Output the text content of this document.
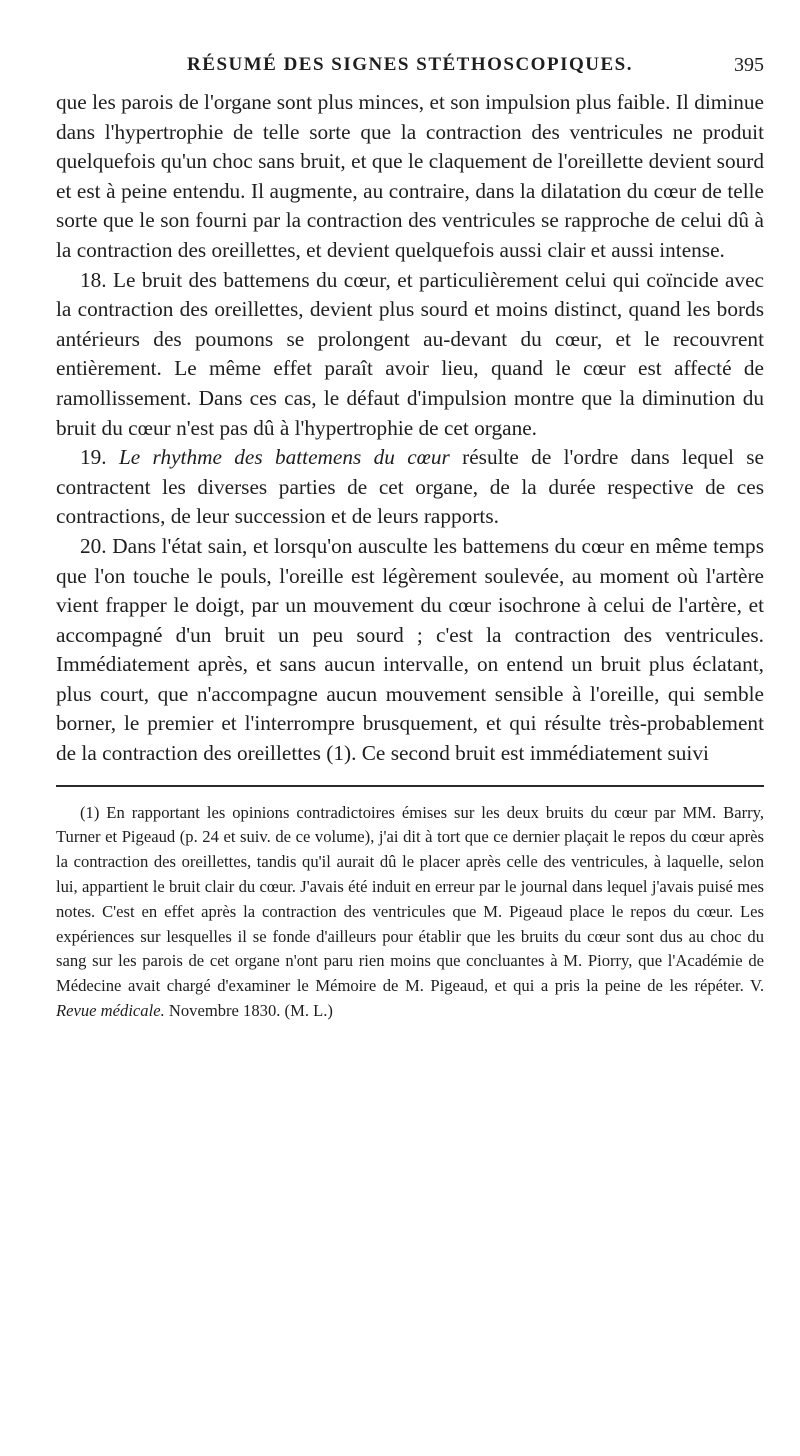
RÉSUMÉ DES SIGNES STÉTHOSCOPIQUES.	395

que les parois de l'organe sont plus minces, et son impulsion plus faible. Il diminue dans l'hypertrophie de telle sorte que la contraction des ventricules ne produit quelquefois qu'un choc sans bruit, et que le claquement de l'oreillette devient sourd et est à peine entendu. Il augmente, au contraire, dans la dilatation du cœur de telle sorte que le son fourni par la contraction des ventricules se rapproche de celui dû à la contraction des oreillettes, et devient quelquefois aussi clair et aussi intense.

18. Le bruit des battemens du cœur, et particulièrement celui qui coïncide avec la contraction des oreillettes, devient plus sourd et moins distinct, quand les bords antérieurs des poumons se prolongent au-devant du cœur, et le recouvrent entièrement. Le même effet paraît avoir lieu, quand le cœur est affecté de ramollissement. Dans ces cas, le défaut d'impulsion montre que la diminution du bruit du cœur n'est pas dû à l'hypertrophie de cet organe.

19. Le rhythme des battemens du cœur résulte de l'ordre dans lequel se contractent les diverses parties de cet organe, de la durée respective de ces contractions, de leur succession et de leurs rapports.

20. Dans l'état sain, et lorsqu'on ausculte les battemens du cœur en même temps que l'on touche le pouls, l'oreille est légèrement soulevée, au moment où l'artère vient frapper le doigt, par un mouvement du cœur isochrone à celui de l'artère, et accompagné d'un bruit un peu sourd ; c'est la contraction des ventricules. Immédiatement après, et sans aucun intervalle, on entend un bruit plus éclatant, plus court, que n'accompagne aucun mouvement sensible à l'oreille, qui semble borner, le premier et l'interrompre brusquement, et qui résulte très-probablement de la contraction des oreillettes (1). Ce second bruit est immédiatement suivi

(1) En rapportant les opinions contradictoires émises sur les deux bruits du cœur par MM. Barry, Turner et Pigeaud (p. 24 et suiv. de ce volume), j'ai dit à tort que ce dernier plaçait le repos du cœur après la contraction des oreillettes, tandis qu'il aurait dû le placer après celle des ventricules, à laquelle, selon lui, appartient le bruit clair du cœur. J'avais été induit en erreur par le journal dans lequel j'avais puisé mes notes. C'est en effet après la contraction des ventricules que M. Pigeaud place le repos du cœur. Les expériences sur lesquelles il se fonde d'ailleurs pour établir que les bruits du cœur sont dus au choc du sang sur les parois de cet organe n'ont paru rien moins que concluantes à M. Piorry, que l'Académie de Médecine avait chargé d'examiner le Mémoire de M. Pigeaud, et qui a pris la peine de les répéter. V. Revue médicale. Novembre 1830. (M. L.)
